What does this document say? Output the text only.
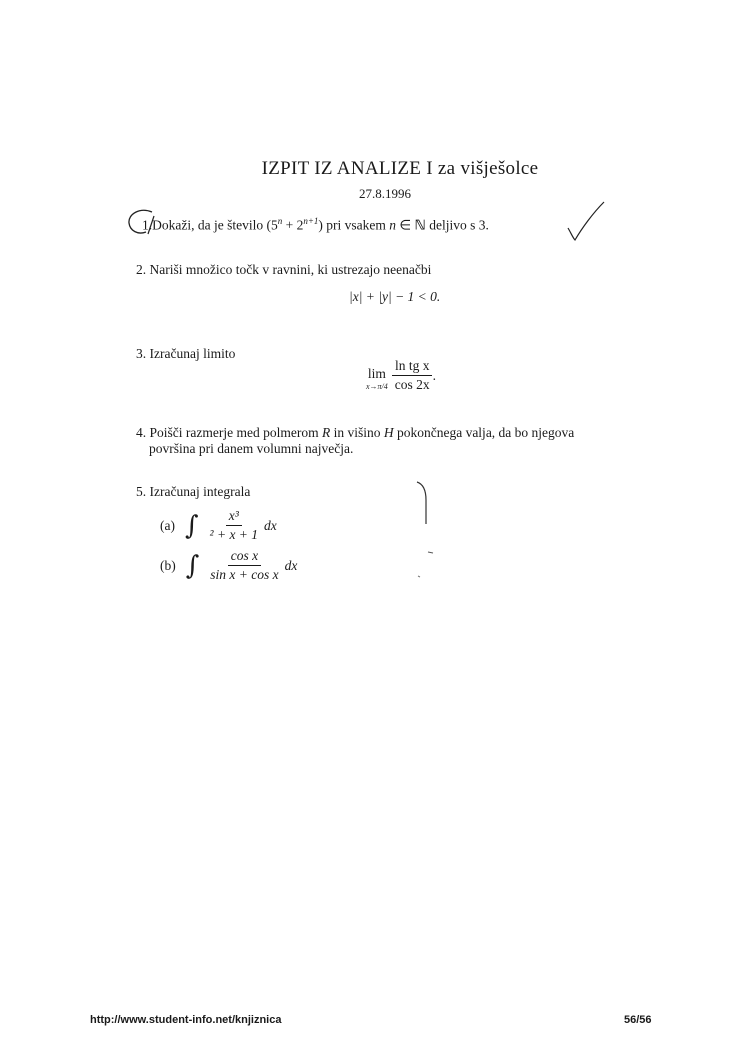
IZPIT IZ ANALIZE I za višješolce
27.8.1996
1.Dokaži, da je število $(5^n + 2^{n+1})$ pri vsakem n ∈ ℕ deljivo s 3.
2. Nariši množico točk v ravnini, ki ustrezajo neenačbi
|x| + |y| − 1 < 0.
3. Izračunaj limito
lim
$x\to\pi/4 \frac{\text{ln tg x}}{\cos 2x}$ .
4. Poišči razmerje med polmerom R in višino H pokončnega valja, da bo njegova
površina pri danem volumni največja.
5. Izračunaj integrala
(a) ∫ $\frac{\text{x³}}{\text{² + x + 1}}$ dx
(b) ∫ $\frac{\text{cos x}}{\text{sin x + cos x}}$ dx
http://www.student-info.net/knjiznica	56/56
